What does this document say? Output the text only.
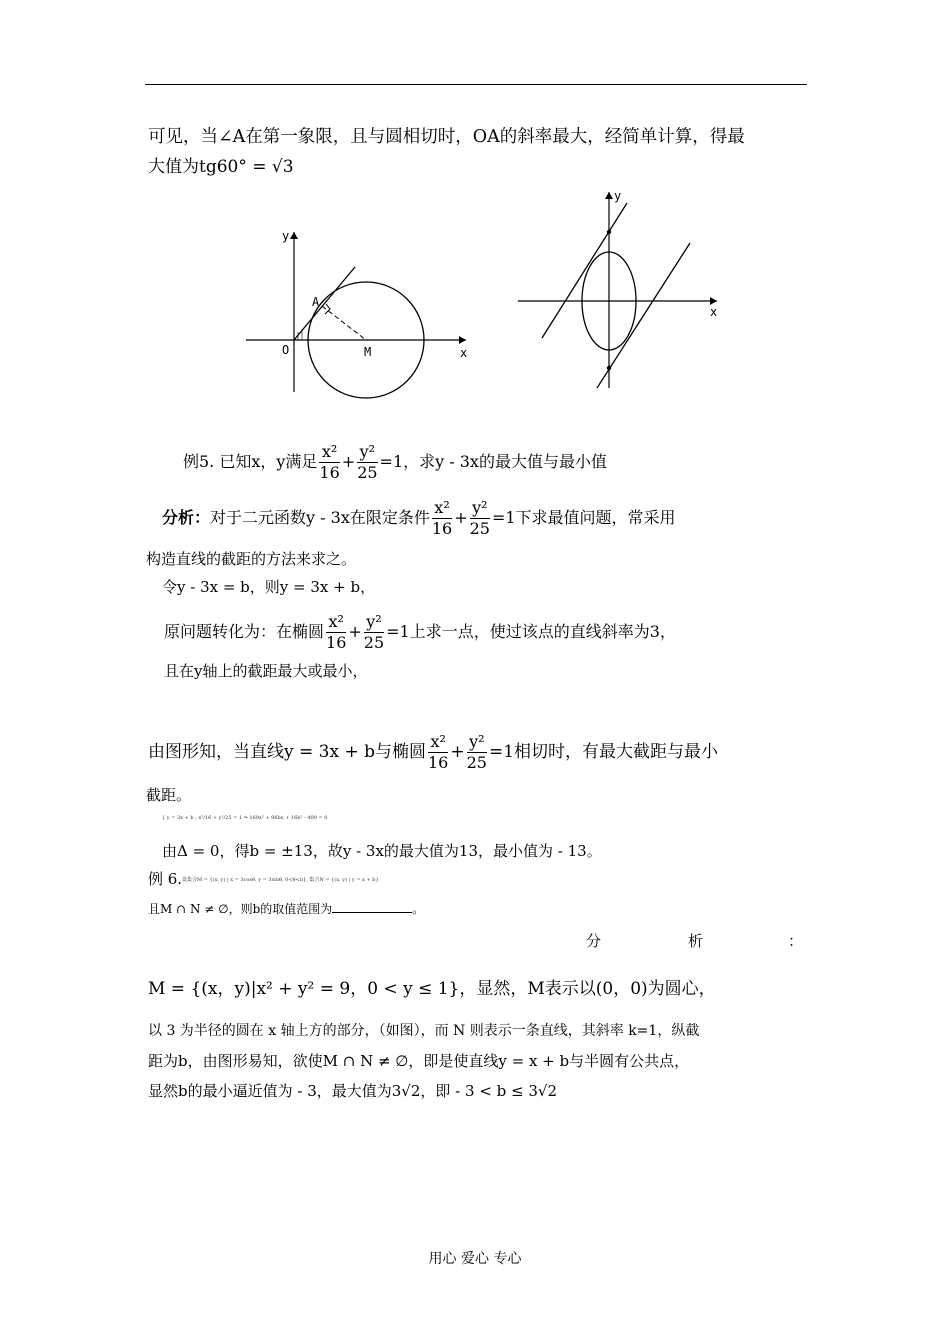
可见，当∠A在第一象限，且与圆相切时，OA的斜率最大，经简单计算，得最
大值为tg60° = √3
y
x
O
A
M
y
x
例5. 已知x，y满足 $\frac{\text{x²}}{16} + \frac{\text{y²}}{25} =1$，求y - 3x的最大值与最小值
分析：对于二元函数y - 3x在限定条件 $\frac{\text{x²}}{16} + \frac{\text{y²}}{25} =1$下求最值问题，常采用
构造直线的截距的方法来求之。
令y - 3x = b，则y = 3x + b，
原问题转化为：在椭圆 $\frac{\text{x²}}{16} + \frac{\text{y²}}{25} =1$上求一点，使过该点的直线斜率为3，
且在y轴上的截距最大或最小，
由图形知，当直线y = 3x + b与椭圆 $\frac{\text{x²}}{16} + \frac{\text{y²}}{25} =1$相切时，有最大截距与最小
截距。
{ y = 3x + b ; x²/16 + y²/25 = 1 ⇒ 169x² + 96bx + 16b² - 400 = 0
由Δ = 0，得b = ±13，故y - 3x的最大值为13，最小值为 - 13。
例 6. 设集合M = {(x, y) | x = 3cosθ, y = 3sinθ, 0<θ<π}, 集合N = {(x, y) | y = x + b}
且M ∩ N ≠ ∅，则b的取值范围为	。
分	析	：
M = {(x，y)|x² + y² = 9，0 < y ≤ 1}，显然，M表示以(0，0)为圆心，
以 3 为半径的圆在 x 轴上方的部分，（如图），而 N 则表示一条直线，其斜率 k=1，纵截
距为b，由图形易知，欲使M ∩ N ≠ ∅，即是使直线y = x + b与半圆有公共点，
显然b的最小逼近值为 - 3，最大值为3√2，即 - 3 < b ≤ 3√2
用心 爱心 专心
